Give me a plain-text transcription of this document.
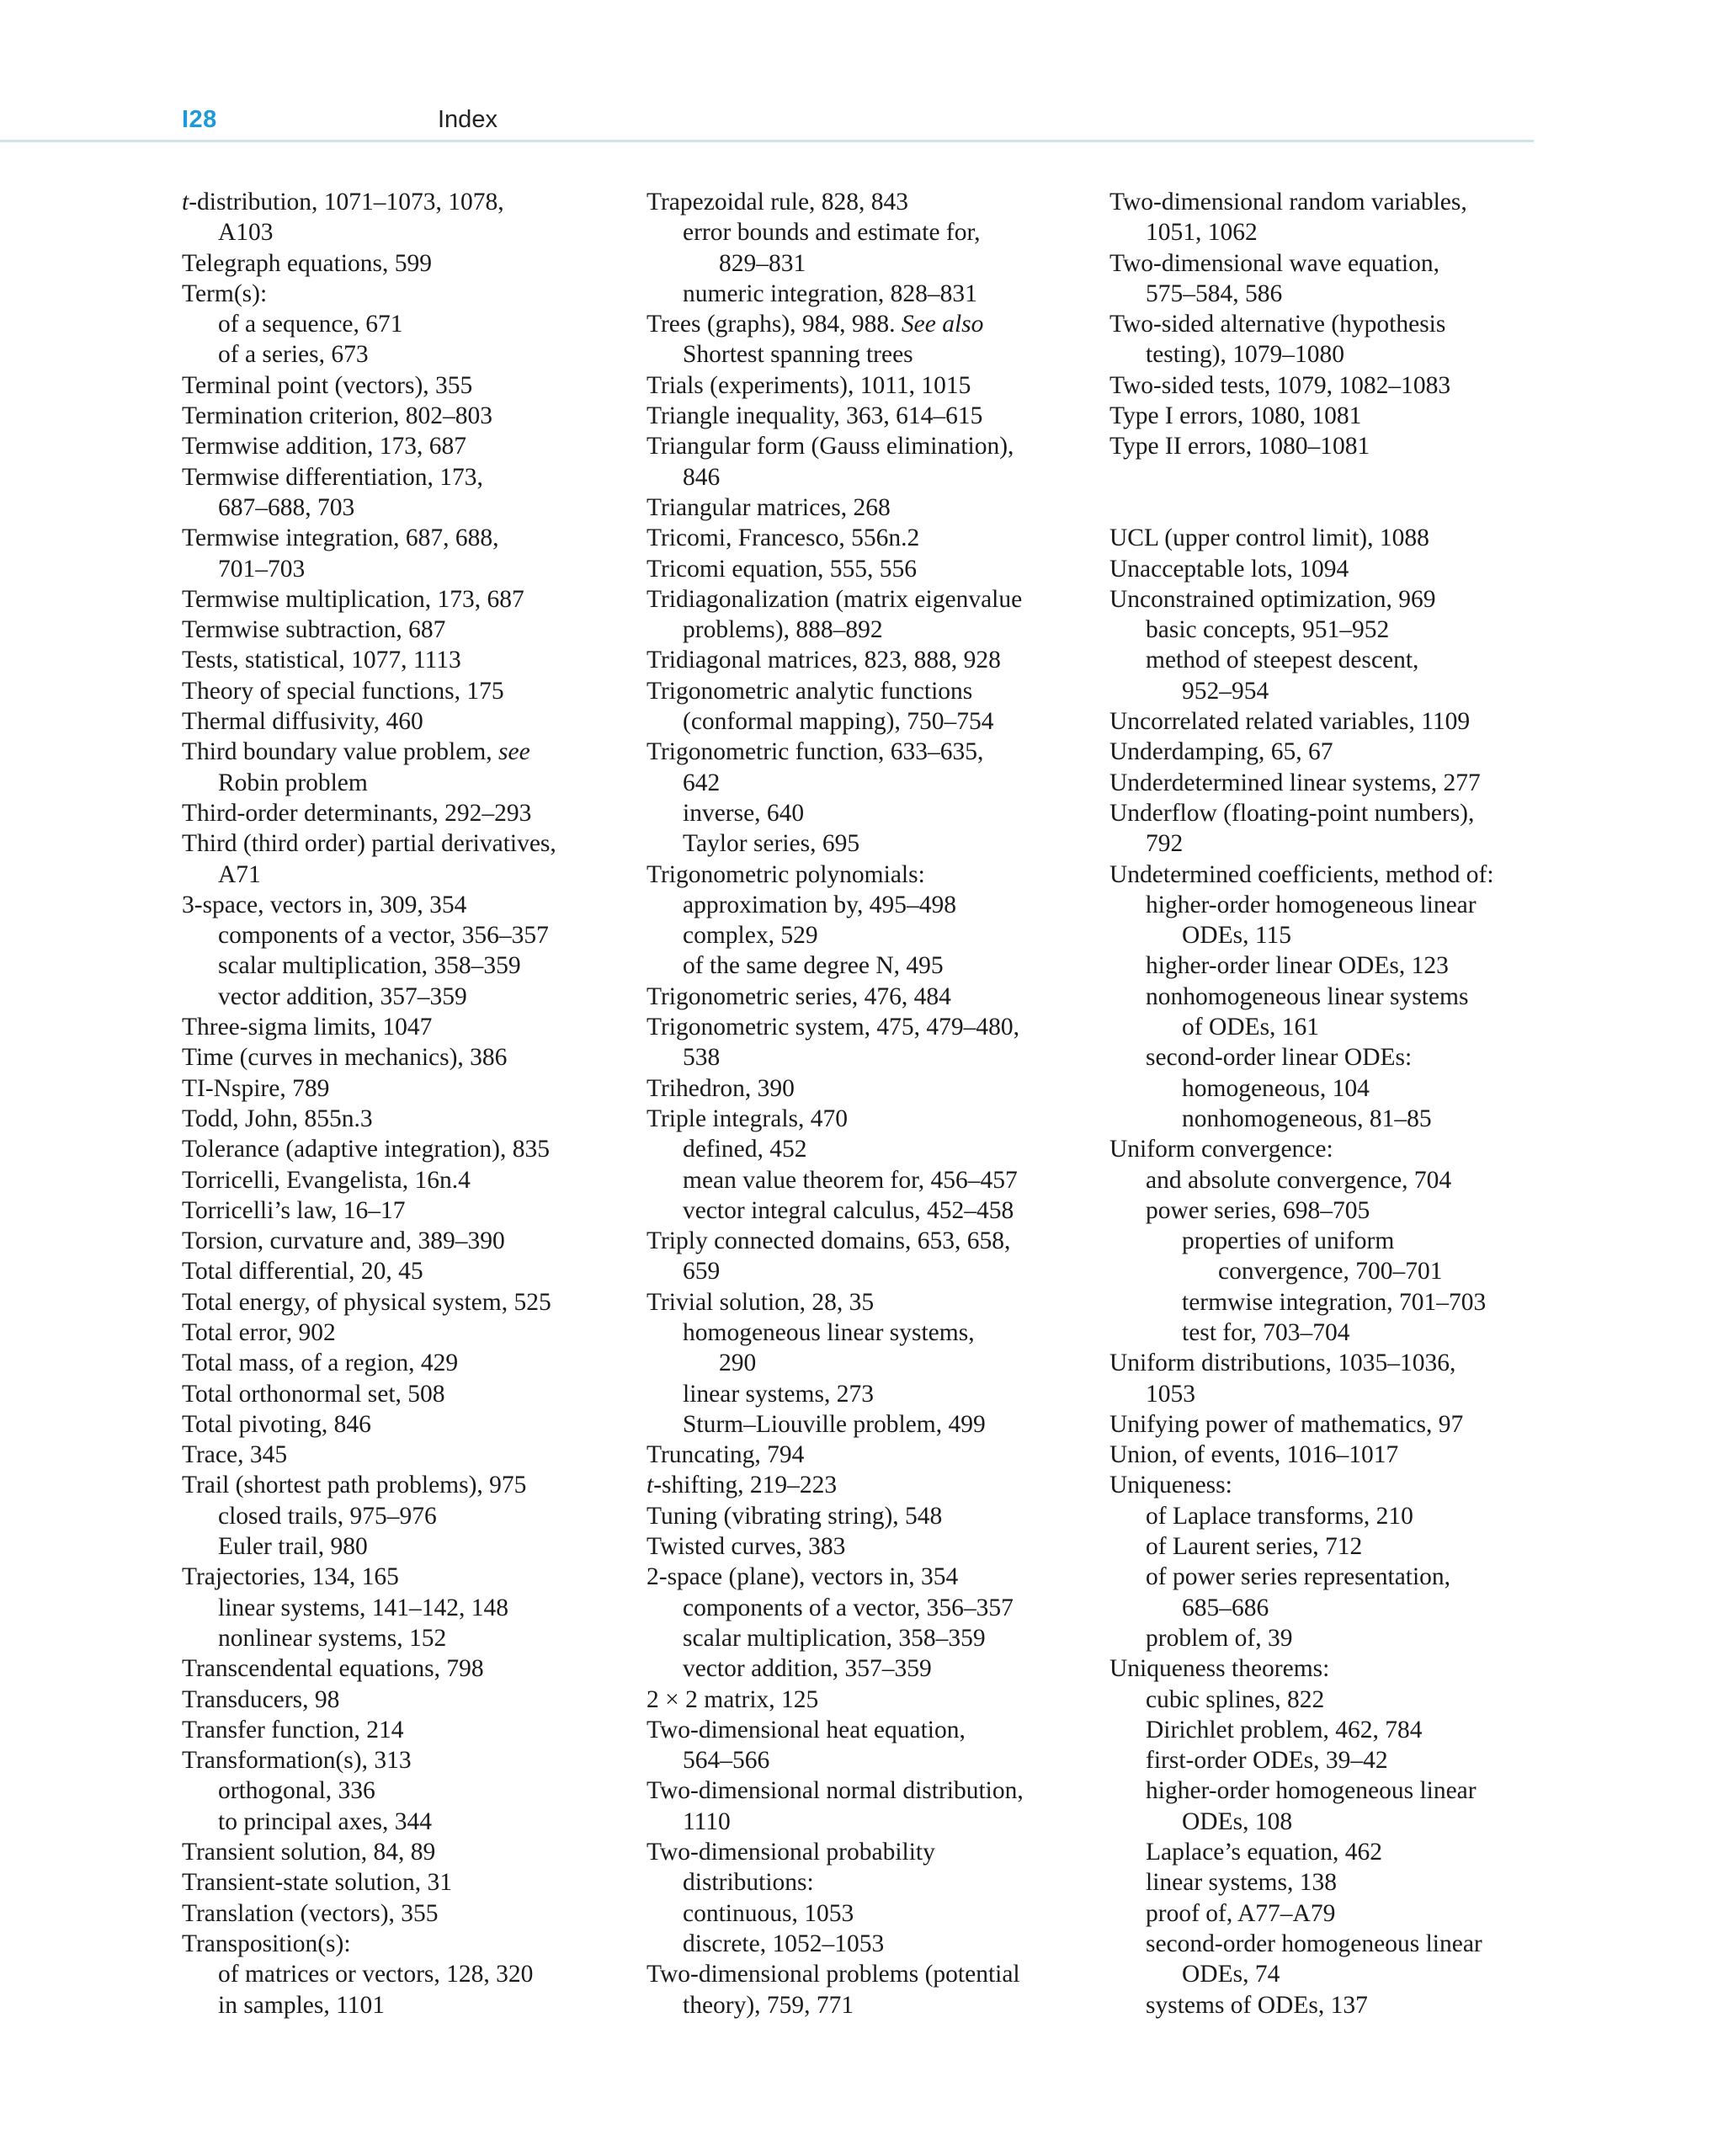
I28	Index
t-distribution, 1071–1073, 1078,
A103
Telegraph equations, 599
Term(s):
of a sequence, 671
of a series, 673
Terminal point (vectors), 355
Termination criterion, 802–803
Termwise addition, 173, 687
Termwise differentiation, 173,
687–688, 703
Termwise integration, 687, 688,
701–703
Termwise multiplication, 173, 687
Termwise subtraction, 687
Tests, statistical, 1077, 1113
Theory of special functions, 175
Thermal diffusivity, 460
Third boundary value problem, see
Robin problem
Third-order determinants, 292–293
Third (third order) partial derivatives,
A71
3-space, vectors in, 309, 354
components of a vector, 356–357
scalar multiplication, 358–359
vector addition, 357–359
Three-sigma limits, 1047
Time (curves in mechanics), 386
TI-Nspire, 789
Todd, John, 855n.3
Tolerance (adaptive integration), 835
Torricelli, Evangelista, 16n.4
Torricelli’s law, 16–17
Torsion, curvature and, 389–390
Total differential, 20, 45
Total energy, of physical system, 525
Total error, 902
Total mass, of a region, 429
Total orthonormal set, 508
Total pivoting, 846
Trace, 345
Trail (shortest path problems), 975
closed trails, 975–976
Euler trail, 980
Trajectories, 134, 165
linear systems, 141–142, 148
nonlinear systems, 152
Transcendental equations, 798
Transducers, 98
Transfer function, 214
Transformation(s), 313
orthogonal, 336
to principal axes, 344
Transient solution, 84, 89
Transient-state solution, 31
Translation (vectors), 355
Transposition(s):
of matrices or vectors, 128, 320
in samples, 1101
Trapezoidal rule, 828, 843
error bounds and estimate for,
829–831
numeric integration, 828–831
Trees (graphs), 984, 988. See also
Shortest spanning trees
Trials (experiments), 1011, 1015
Triangle inequality, 363, 614–615
Triangular form (Gauss elimination),
846
Triangular matrices, 268
Tricomi, Francesco, 556n.2
Tricomi equation, 555, 556
Tridiagonalization (matrix eigenvalue
problems), 888–892
Tridiagonal matrices, 823, 888, 928
Trigonometric analytic functions
(conformal mapping), 750–754
Trigonometric function, 633–635,
642
inverse, 640
Taylor series, 695
Trigonometric polynomials:
approximation by, 495–498
complex, 529
of the same degree N, 495
Trigonometric series, 476, 484
Trigonometric system, 475, 479–480,
538
Trihedron, 390
Triple integrals, 470
defined, 452
mean value theorem for, 456–457
vector integral calculus, 452–458
Triply connected domains, 653, 658,
659
Trivial solution, 28, 35
homogeneous linear systems,
290
linear systems, 273
Sturm–Liouville problem, 499
Truncating, 794
t-shifting, 219–223
Tuning (vibrating string), 548
Twisted curves, 383
2-space (plane), vectors in, 354
components of a vector, 356–357
scalar multiplication, 358–359
vector addition, 357–359
2 × 2 matrix, 125
Two-dimensional heat equation,
564–566
Two-dimensional normal distribution,
1110
Two-dimensional probability
distributions:
continuous, 1053
discrete, 1052–1053
Two-dimensional problems (potential
theory), 759, 771
Two-dimensional random variables,
1051, 1062
Two-dimensional wave equation,
575–584, 586
Two-sided alternative (hypothesis
testing), 1079–1080
Two-sided tests, 1079, 1082–1083
Type I errors, 1080, 1081
Type II errors, 1080–1081
UCL (upper control limit), 1088
Unacceptable lots, 1094
Unconstrained optimization, 969
basic concepts, 951–952
method of steepest descent,
952–954
Uncorrelated related variables, 1109
Underdamping, 65, 67
Underdetermined linear systems, 277
Underflow (floating-point numbers),
792
Undetermined coefficients, method of:
higher-order homogeneous linear
ODEs, 115
higher-order linear ODEs, 123
nonhomogeneous linear systems
of ODEs, 161
second-order linear ODEs:
homogeneous, 104
nonhomogeneous, 81–85
Uniform convergence:
and absolute convergence, 704
power series, 698–705
properties of uniform
convergence, 700–701
termwise integration, 701–703
test for, 703–704
Uniform distributions, 1035–1036,
1053
Unifying power of mathematics, 97
Union, of events, 1016–1017
Uniqueness:
of Laplace transforms, 210
of Laurent series, 712
of power series representation,
685–686
problem of, 39
Uniqueness theorems:
cubic splines, 822
Dirichlet problem, 462, 784
first-order ODEs, 39–42
higher-order homogeneous linear
ODEs, 108
Laplace’s equation, 462
linear systems, 138
proof of, A77–A79
second-order homogeneous linear
ODEs, 74
systems of ODEs, 137
